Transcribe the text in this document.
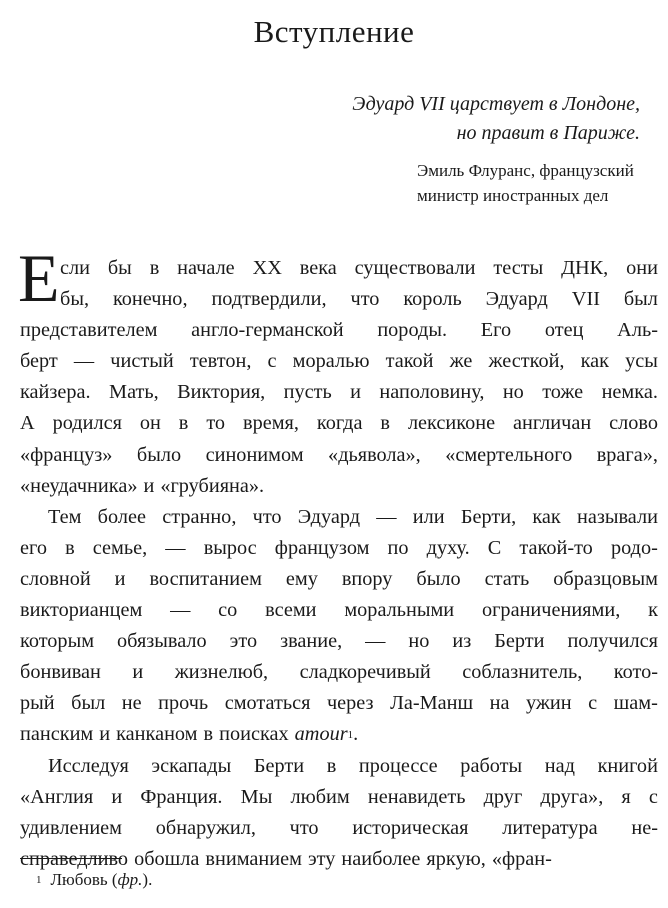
Вступление
Эдуард VII царствует в Лондоне,
но правит в Париже.
Эмиль Флуранс, французский
министр иностранных дел
Е сли бы в начале XX века существовали тесты ДНК, они
бы, конечно, подтвердили, что король Эдуард VII был
представителем англо-германской породы. Его отец Аль-
берт — чистый тевтон, с моралью такой же жесткой, как усы
кайзера. Мать, Виктория, пусть и наполовину, но тоже немка.
А родился он в то время, когда в лексиконе англичан слово
«француз» было синонимом «дьявола», «смертельного врага»,
«неудачника» и «грубияна».
Тем более странно, что Эдуард — или Берти, как называли
его в семье, — вырос французом по духу. С такой-то родо-
словной и воспитанием ему впору было стать образцовым
викторианцем — со всеми моральными ограничениями, к
которым обязывало это звание, — но из Берти получился
бонвиван и жизнелюб, сладкоречивый соблазнитель, кото-
рый был не прочь смотаться через Ла-Манш на ужин с шам-
панским и канканом в поисках amour$^1$.
Исследуя эскапады Берти в процессе работы над книгой
«Англия и Франция. Мы любим ненавидеть друг друга», я с
удивлением обнаружил, что историческая литература не-
справедливо обошла вниманием эту наиболее яркую, «фран-
$^1$ Любовь (фр.).
